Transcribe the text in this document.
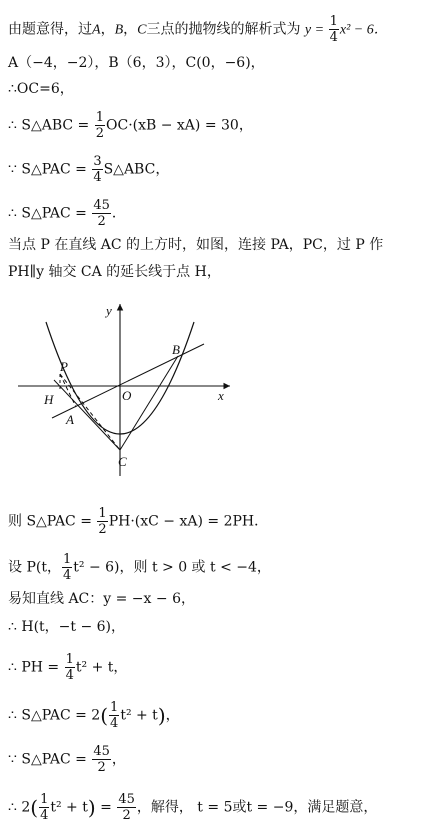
由题意得，过A，B，C三点的抛物线的解析式为 $y = \frac{1}{4} x^2 - 6$．
A（−4，−2），B（6，3），C(0，−6)，
∴OC=6，
∴ S△ABC = $\frac{1}{2} OC\cdot(xB - xA) = 30$，
∵ S△PAC = $\frac{3}{4}$ S△ABC，
∴ S△PAC = $\frac{45}{2}$ ．
当点 P 在直线 AC 的上方时，如图，连接 PA，PC，过 P 作
PH∥y 轴交 CA 的延长线于点 H，
y
x
O
B
P
H
A
C
则 S△PAC = $\frac{1}{2} PH\cdot(xC - xA) = 2PH$．
设 P(t， $\frac{1}{4} t^2 - 6$)，则 t > 0 或 t < −4，
易知直线 AC：y = −x − 6，
∴ H(t，−t − 6)，
∴ PH = $\frac{1}{4} t^2 + t$，
∴ S△PAC = $2( \frac{1}{4} t^2 + t)$，
∵ S△PAC = $\frac{45}{2}$ ，
∴ $2( \frac{1}{4} t^2 + t) = \frac{45}{2}$ ，解得， t = 5或t = −9，满足题意，
